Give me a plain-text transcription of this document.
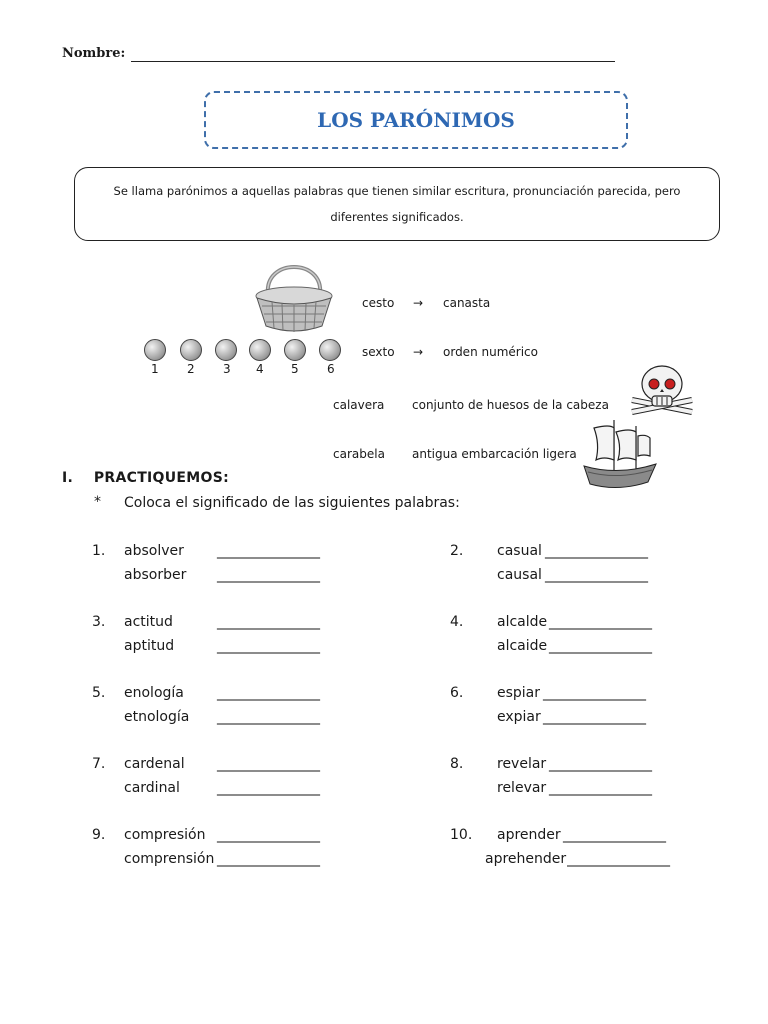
Nombre:
LOS PARÓNIMOS
Se llama parónimos a aquellas palabras que tienen similar escritura, pronunciación parecida, pero diferentes significados.
cesto → canasta
1 2 3 4 5 6
sexto → orden numérico
calavera conjunto de huesos de la cabeza
carabela antigua embarcación ligera
I. PRACTIQUEMOS:
* Coloca el significado de las siguientes palabras:
1. absolver
absorber
_________________
_________________
3. actitud
aptitud
_________________
_________________
5. enología
etnología
_________________
_________________
7. cardenal
cardinal
_________________
_________________
9. compresión
comprensión
_________________
_________________
2. casual
causal
_________________
_________________
4. alcalde
alcaide
_________________
_________________
6. espiar
expiar
_________________
_________________
8. revelar
relevar
_________________
_________________
10. aprender
aprehender
_________________
_________________
